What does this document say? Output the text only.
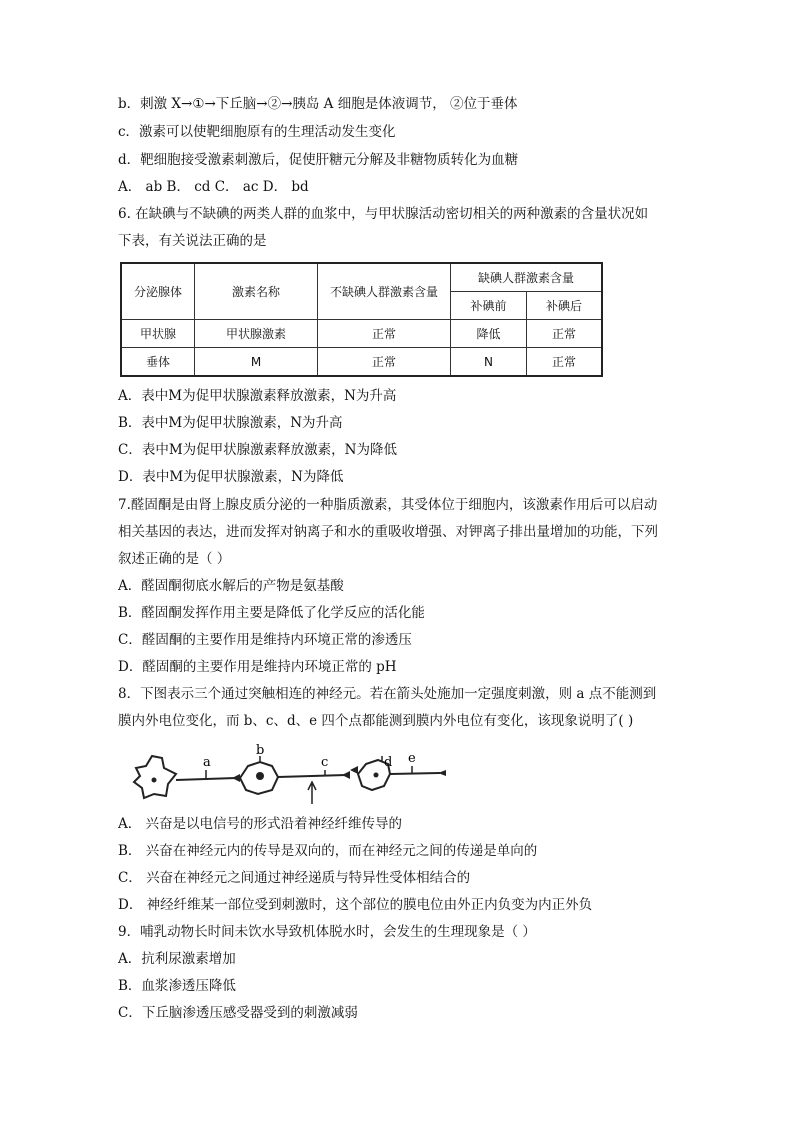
b．刺激 X→①→下丘脑→②→胰岛 A 细胞是体液调节， ②位于垂体
c．激素可以使靶细胞原有的生理活动发生变化
d．靶细胞接受激素刺激后，促使肝糖元分解及非糖物质转化为血糖
A． ab B． cd C． ac D． bd
6. 在缺碘与不缺碘的两类人群的血浆中，与甲状腺活动密切相关的两种激素的含量状况如
下表，有关说法正确的是
分泌腺体	激素名称	不缺碘人群激素含量	缺碘人群激素含量	
			补碘前	补碘后
甲状腺	甲状腺激素	正常	降低	正常
垂体	M	正常	N	正常
A．表中M为促甲状腺激素释放激素，N为升高
B．表中M为促甲状腺激素，N为升高
C．表中M为促甲状腺激素释放激素，N为降低
D．表中M为促甲状腺激素，N为降低
7.醛固酮是由肾上腺皮质分泌的一种脂质激素，其受体位于细胞内，该激素作用后可以启动
相关基因的表达，进而发挥对钠离子和水的重吸收增强、对钾离子排出量增加的功能，下列
叙述正确的是（ ）
A．醛固酮彻底水解后的产物是氨基酸
B．醛固酮发挥作用主要是降低了化学反应的活化能
C．醛固酮的主要作用是维持内环境正常的渗透压
D．醛固酮的主要作用是维持内环境正常的 pH
8．下图表示三个通过突触相连的神经元。若在箭头处施加一定强度刺激，则 a 点不能测到
膜内外电位变化，而 b、c、d、e 四个点都能测到膜内外电位有变化，该现象说明了( )
a
b
c	d e
A． 兴奋是以电信号的形式沿着神经纤维传导的
B． 兴奋在神经元内的传导是双向的，而在神经元之间的传递是单向的
C． 兴奋在神经元之间通过神经递质与特异性受体相结合的
D． 神经纤维某一部位受到刺激时，这个部位的膜电位由外正内负变为内正外负
9．哺乳动物长时间未饮水导致机体脱水时，会发生的生理现象是（ ）
A．抗利尿激素增加
B．血浆渗透压降低
C．下丘脑渗透压感受器受到的刺激减弱
